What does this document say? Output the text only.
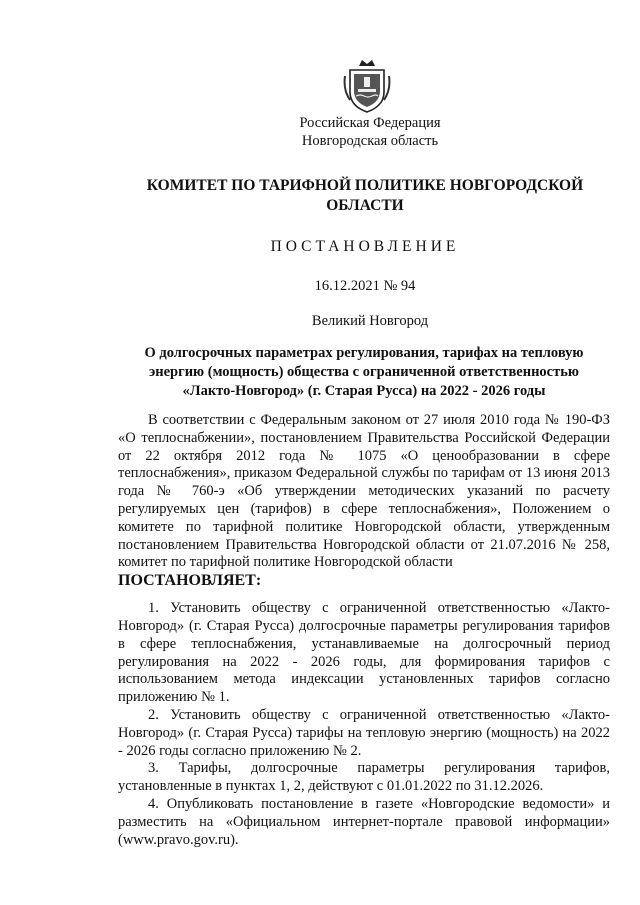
Российская Федерация
Новгородская область
КОМИТЕТ ПО ТАРИФНОЙ ПОЛИТИКЕ НОВГОРОДСКОЙ
ОБЛАСТИ
ПОСТАНОВЛЕНИЕ
16.12.2021 № 94
Великий Новгород
О долгосрочных параметрах регулирования, тарифах на тепловую
энергию (мощность) общества с ограниченной ответственностью
«Лакто-Новгород» (г. Старая Русса) на 2022 - 2026 годы

В соответствии с Федеральным законом от 27 июля 2010 года № 190-ФЗ «О теплоснабжении», постановлением Правительства Российской Федерации от 22 октября 2012 года № 1075 «О ценообразовании в сфере теплоснабжения», приказом Федеральной службы по тарифам от 13 июня 2013 года № 760-э «Об утверждении методических указаний по расчету регулируемых цен (тарифов) в сфере теплоснабжения», Положением о комитете по тарифной политике Новгородской области, утвержденным постановлением Правительства Новгородской области от 21.07.2016 № 258, комитет по тарифной политике Новгородской области

ПОСТАНОВЛЯЕТ:

1. Установить обществу с ограниченной ответственностью «Лакто-Новгород» (г. Старая Русса) долгосрочные параметры регулирования тарифов в сфере теплоснабжения, устанавливаемые на долгосрочный период регулирования на 2022 - 2026 годы, для формирования тарифов с использованием метода индексации установленных тарифов согласно приложению № 1.

2. Установить обществу с ограниченной ответственностью «Лакто-Новгород» (г. Старая Русса) тарифы на тепловую энергию (мощность) на 2022 - 2026 годы согласно приложению № 2.

3. Тарифы, долгосрочные параметры регулирования тарифов, установленные в пунктах 1, 2, действуют с 01.01.2022 по 31.12.2026.

4. Опубликовать постановление в газете «Новгородские ведомости» и разместить на «Официальном интернет-портале правовой информации» (www.pravo.gov.ru).
